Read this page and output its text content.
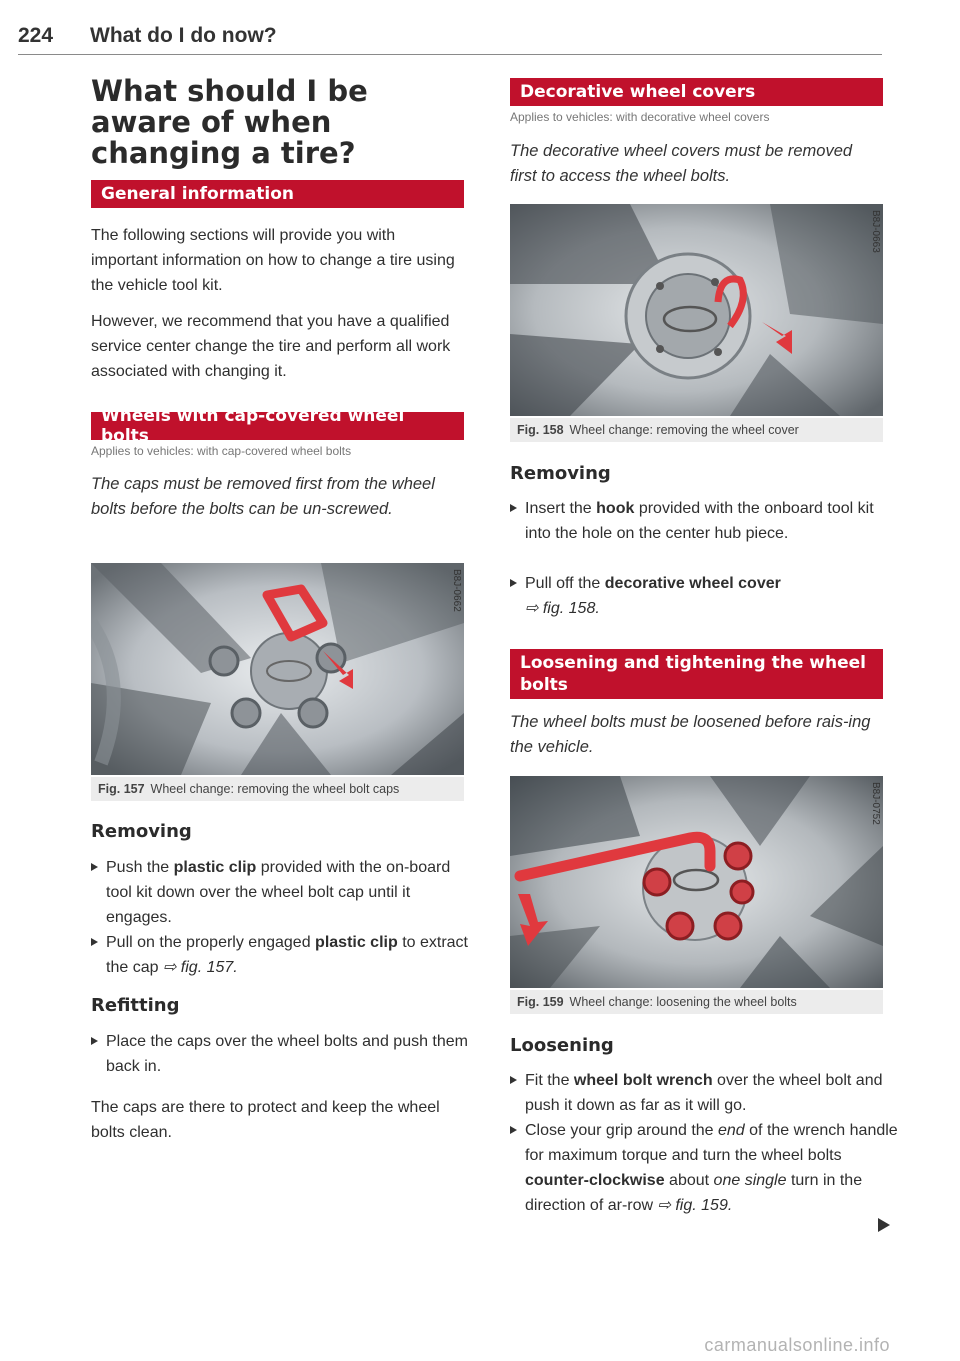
224 What do I do now?
What should I be aware of when changing a tire?
General information

The following sections will provide you with important information on how to change a tire using the vehicle tool kit.

However, we recommend that you have a qualified service center change the tire and perform all work associated with changing it.

Wheels with cap-covered wheel bolts
Applies to vehicles: with cap-covered wheel bolts

The caps must be removed first from the wheel bolts before the bolts can be un-screwed.

B8J-0662
Fig. 157 Wheel change: removing the wheel bolt caps
Removing

Push the plastic clip provided with the on-board tool kit down over the wheel bolt cap until it engages.

Pull on the properly engaged plastic clip to extract the cap ⇨ fig. 157.

Refitting

Place the caps over the wheel bolts and push them back in.

The caps are there to protect and keep the wheel bolts clean.

Decorative wheel covers
Applies to vehicles: with decorative wheel covers

The decorative wheel covers must be removed first to access the wheel bolts.

B8J-0663
Fig. 158 Wheel change: removing the wheel cover
Removing

Insert the hook provided with the onboard tool kit into the hole on the center hub piece.

Pull off the decorative wheel cover
⇨ fig. 158.

Loosening and tightening the wheel bolts

The wheel bolts must be loosened before rais-ing the vehicle.

B8J-0752
Fig. 159 Wheel change: loosening the wheel bolts
Loosening

Fit the wheel bolt wrench over the wheel bolt and push it down as far as it will go.

Close your grip around the end of the wrench handle for maximum torque and turn the wheel bolts counter-clockwise about one single turn in the direction of ar-row ⇨ fig. 159.

carmanualsonline.info
